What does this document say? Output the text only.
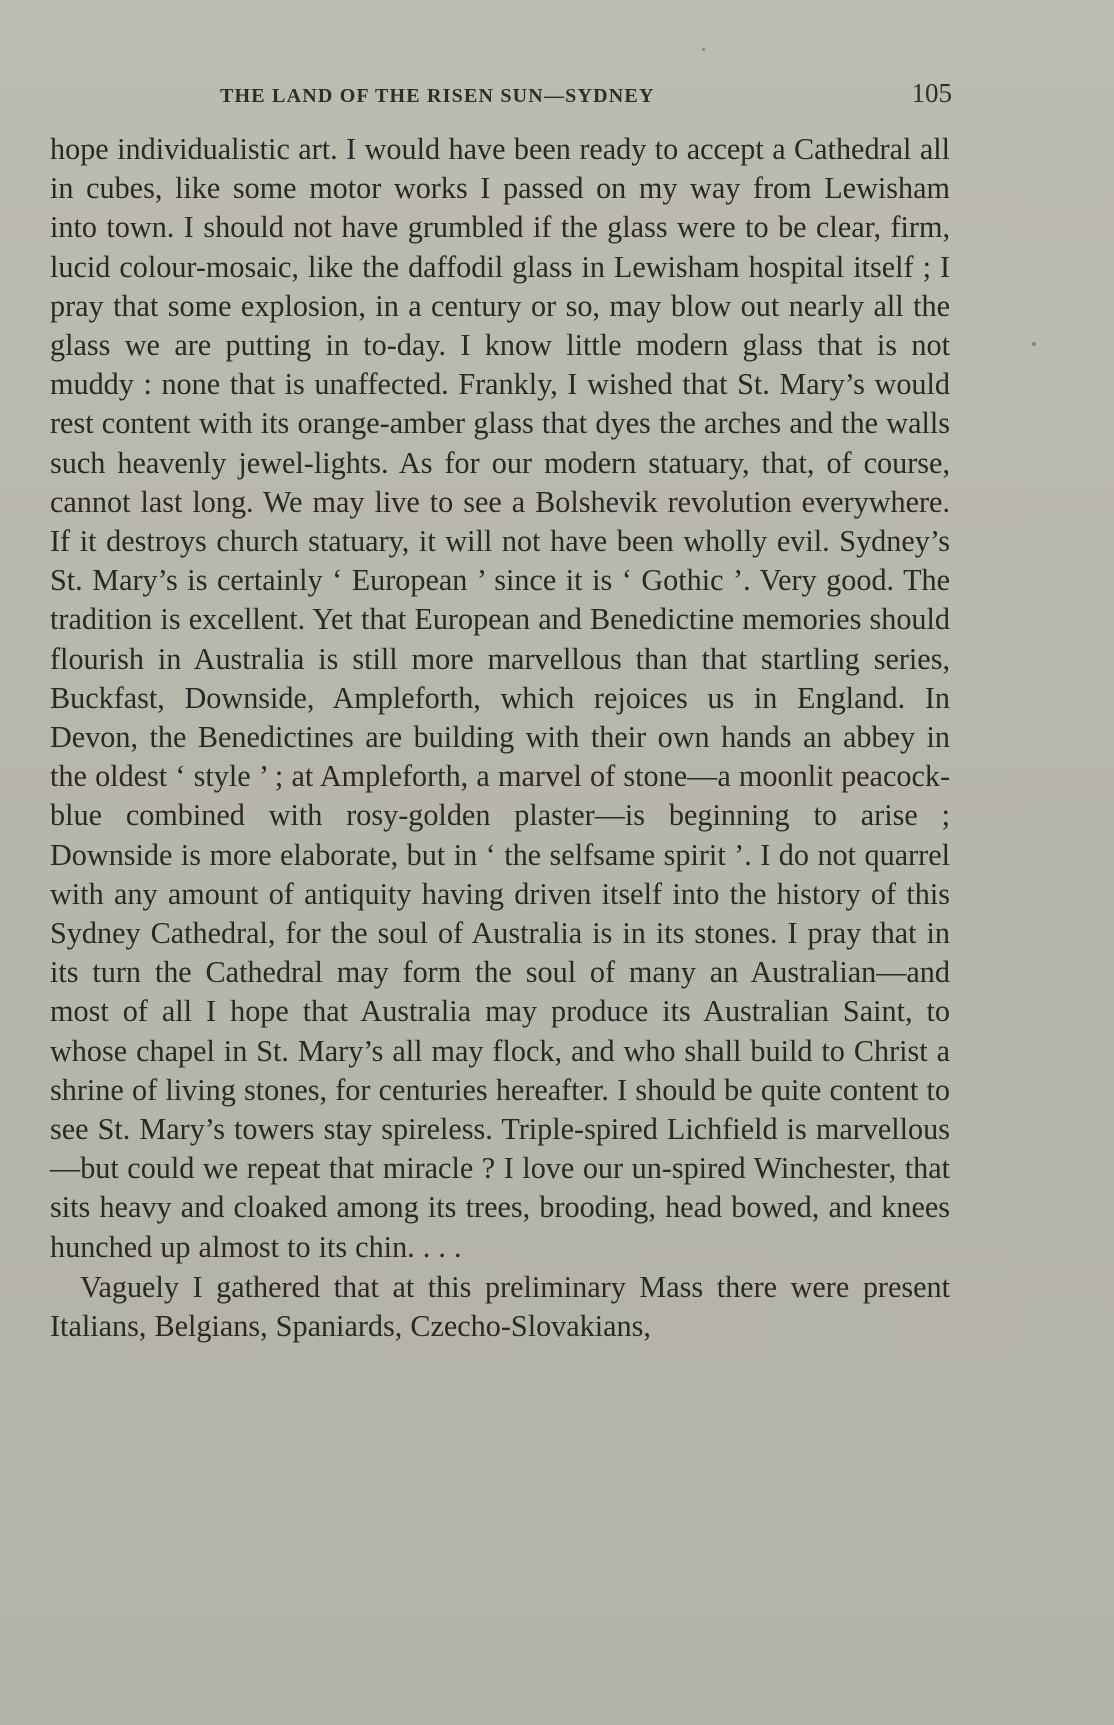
THE LAND OF THE RISEN SUN—SYDNEY	105

hope individualistic art. I would have been ready to accept a Cathedral all in cubes, like some motor works I passed on my way from Lewisham into town. I should not have grumbled if the glass were to be clear, firm, lucid colour-mosaic, like the daffodil glass in Lewisham hospital itself ; I pray that some explosion, in a century or so, may blow out nearly all the glass we are putting in to-day. I know little modern glass that is not muddy : none that is unaffected. Frankly, I wished that St. Mary’s would rest content with its orange-amber glass that dyes the arches and the walls such heavenly jewel-lights. As for our modern statuary, that, of course, cannot last long. We may live to see a Bolshevik revolution everywhere. If it destroys church statuary, it will not have been wholly evil. Sydney’s St. Mary’s is certainly ‘ European ’ since it is ‘ Gothic ’. Very good. The tradition is excellent. Yet that European and Benedictine memories should flourish in Australia is still more marvellous than that startling series, Buckfast, Downside, Ampleforth, which rejoices us in England. In Devon, the Benedictines are building with their own hands an abbey in the oldest ‘ style ’ ; at Ampleforth, a marvel of stone—a moonlit peacock-blue combined with rosy-golden plaster—is beginning to arise ; Downside is more elaborate, but in ‘ the selfsame spirit ’. I do not quarrel with any amount of antiquity having driven itself into the history of this Sydney Cathedral, for the soul of Australia is in its stones. I pray that in its turn the Cathedral may form the soul of many an Australian—and most of all I hope that Australia may produce its Australian Saint, to whose chapel in St. Mary’s all may flock, and who shall build to Christ a shrine of living stones, for centuries hereafter. I should be quite content to see St. Mary’s towers stay spireless. Triple-spired Lichfield is marvellous—but could we repeat that miracle ? I love our un-spired Winchester, that sits heavy and cloaked among its trees, brooding, head bowed, and knees hunched up almost to its chin. . . .

Vaguely I gathered that at this preliminary Mass there were present Italians, Belgians, Spaniards, Czecho-Slovakians,
